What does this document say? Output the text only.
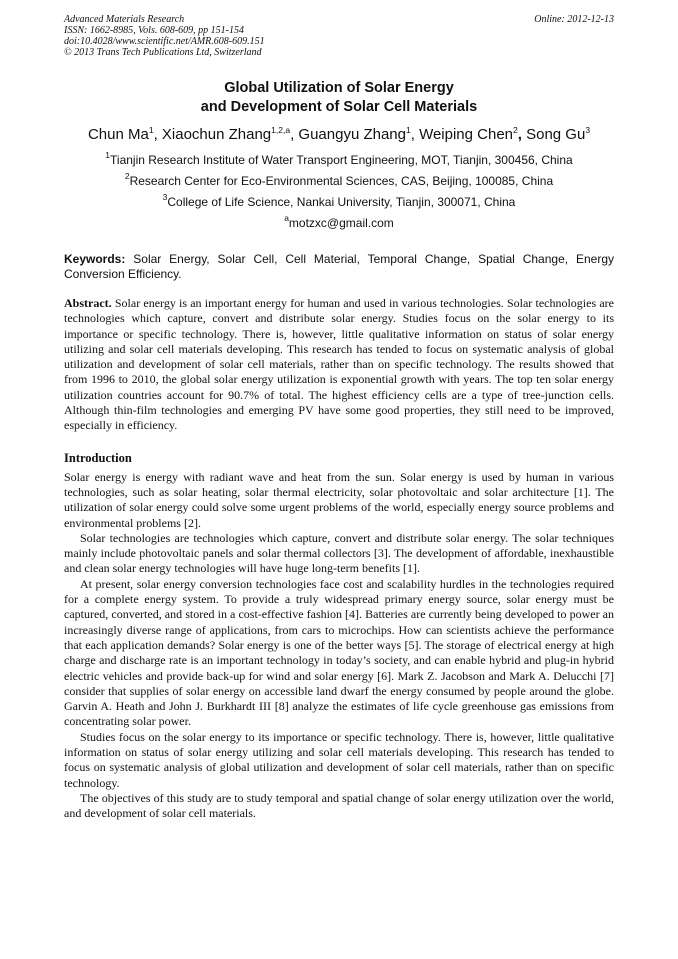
Advanced Materials Research	Online: 2012-12-13
ISSN: 1662-8985, Vols. 608-609, pp 151-154
doi:10.4028/www.scientific.net/AMR.608-609.151
© 2013 Trans Tech Publications Ltd, Switzerland
Global Utilization of Solar Energy
and Development of Solar Cell Materials
Chun Ma$^1$, Xiaochun Zhang$^{1,2,a}$, Guangyu Zhang$^1$, Weiping Chen$^2$, Song Gu$^3$
$^1$Tianjin Research Institute of Water Transport Engineering, MOT, Tianjin, 300456, China
$^2$Research Center for Eco-Environmental Sciences, CAS, Beijing, 100085, China
$^3$College of Life Science, Nankai University, Tianjin, 300071, China
$^a$motzxc@gmail.com
Keywords: Solar Energy, Solar Cell, Cell Material, Temporal Change, Spatial Change, Energy Conversion Efficiency.
Abstract. Solar energy is an important energy for human and used in various technologies. Solar technologies are technologies which capture, convert and distribute solar energy. Studies focus on the solar energy to its importance or specific technology. There is, however, little qualitative information on status of solar energy utilizing and solar cell materials developing. This research has tended to focus on systematic analysis of global utilization and development of solar cell materials, rather than on specific technology. The results showed that from 1996 to 2010, the global solar energy utilization is exponential growth with years. The top ten solar energy utilization countries account for 90.7% of total. The highest efficiency cells are a type of tree-junction cells. Although thin-film technologies and emerging PV have some good properties, they still need to be improved, especially in efficiency.
Introduction
Solar energy is energy with radiant wave and heat from the sun. Solar energy is used by human in various technologies, such as solar heating, solar thermal electricity, solar photovoltaic and solar architecture [1]. The utilization of solar energy could solve some urgent problems of the world, especially energy source problems and environmental problems [2].
Solar technologies are technologies which capture, convert and distribute solar energy. The solar techniques mainly include photovoltaic panels and solar thermal collectors [3]. The development of affordable, inexhaustible and clean solar energy technologies will have huge long-term benefits [1].
At present, solar energy conversion technologies face cost and scalability hurdles in the technologies required for a complete energy system. To provide a truly widespread primary energy source, solar energy must be captured, converted, and stored in a cost-effective fashion [4]. Batteries are currently being developed to power an increasingly diverse range of applications, from cars to microchips. How can scientists achieve the performance that each application demands? Solar energy is one of the better ways [5]. The storage of electrical energy at high charge and discharge rate is an important technology in today’s society, and can enable hybrid and plug-in hybrid electric vehicles and provide back-up for wind and solar energy [6]. Mark Z. Jacobson and Mark A. Delucchi [7] consider that supplies of solar energy on accessible land dwarf the energy consumed by people around the globe. Garvin A. Heath and John J. Burkhardt III [8] analyze the estimates of life cycle greenhouse gas emissions from concentrating solar power.
Studies focus on the solar energy to its importance or specific technology. There is, however, little qualitative information on status of solar energy utilizing and solar cell materials developing. This research has tended to focus on systematic analysis of global utilization and development of solar cell materials, rather than on specific technology.
The objectives of this study are to study temporal and spatial change of solar energy utilization over the world, and development of solar cell materials.
